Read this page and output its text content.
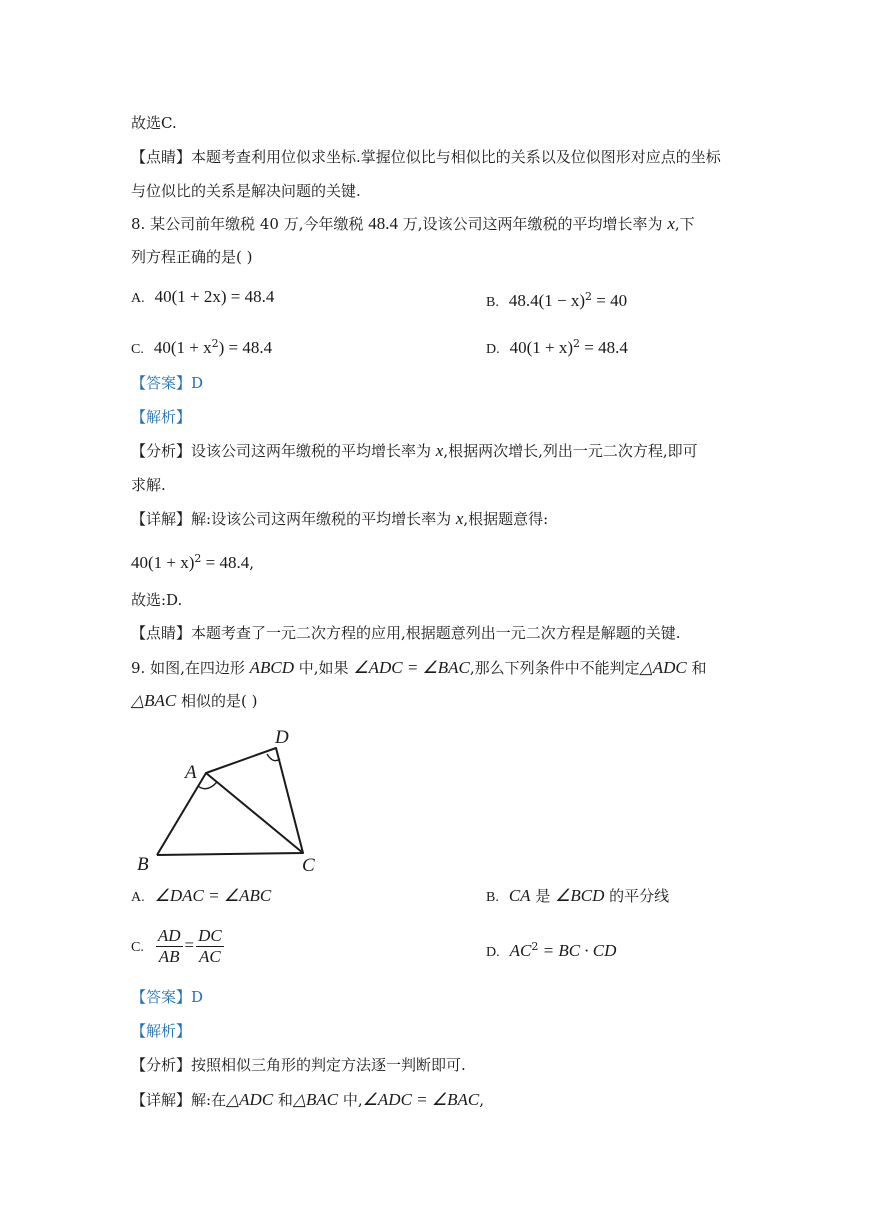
故选C.
【点睛】本题考查利用位似求坐标.掌握位似比与相似比的关系以及位似图形对应点的坐标
与位似比的关系是解决问题的关键.
8. 某公司前年缴税 40 万,今年缴税 48.4 万,设该公司这两年缴税的平均增长率为 x,下
列方程正确的是( )
A. 40(1 + 2x) = 48.4	B. $48.4(1 - x)^2 = 40$
C. $40(1 + x^2) = 48.4$	D. $40(1 + x)^2 = 48.4$
【答案】D
【解析】
【分析】设该公司这两年缴税的平均增长率为 x,根据两次增长,列出一元二次方程,即可
求解.
【详解】解:设该公司这两年缴税的平均增长率为 x,根据题意得:
$40(1 + x)^2 = 48.4$,
故选:D.
【点睛】本题考查了一元二次方程的应用,根据题意列出一元二次方程是解题的关键.
9. 如图,在四边形 ABCD 中,如果 ∠ADC = ∠BAC,那么下列条件中不能判定△ADC 和
△BAC 相似的是( )
A
D
B	C
A. ∠DAC = ∠ABC	B. CA 是 ∠BCD 的平分线
C. $\frac{AD}{AB} = \frac{DC}{AC}$	D. $AC^2$ = BC · CD
【答案】D
【解析】
【分析】按照相似三角形的判定方法逐一判断即可.
【详解】解:在△ADC 和△BAC 中,∠ADC = ∠BAC,
